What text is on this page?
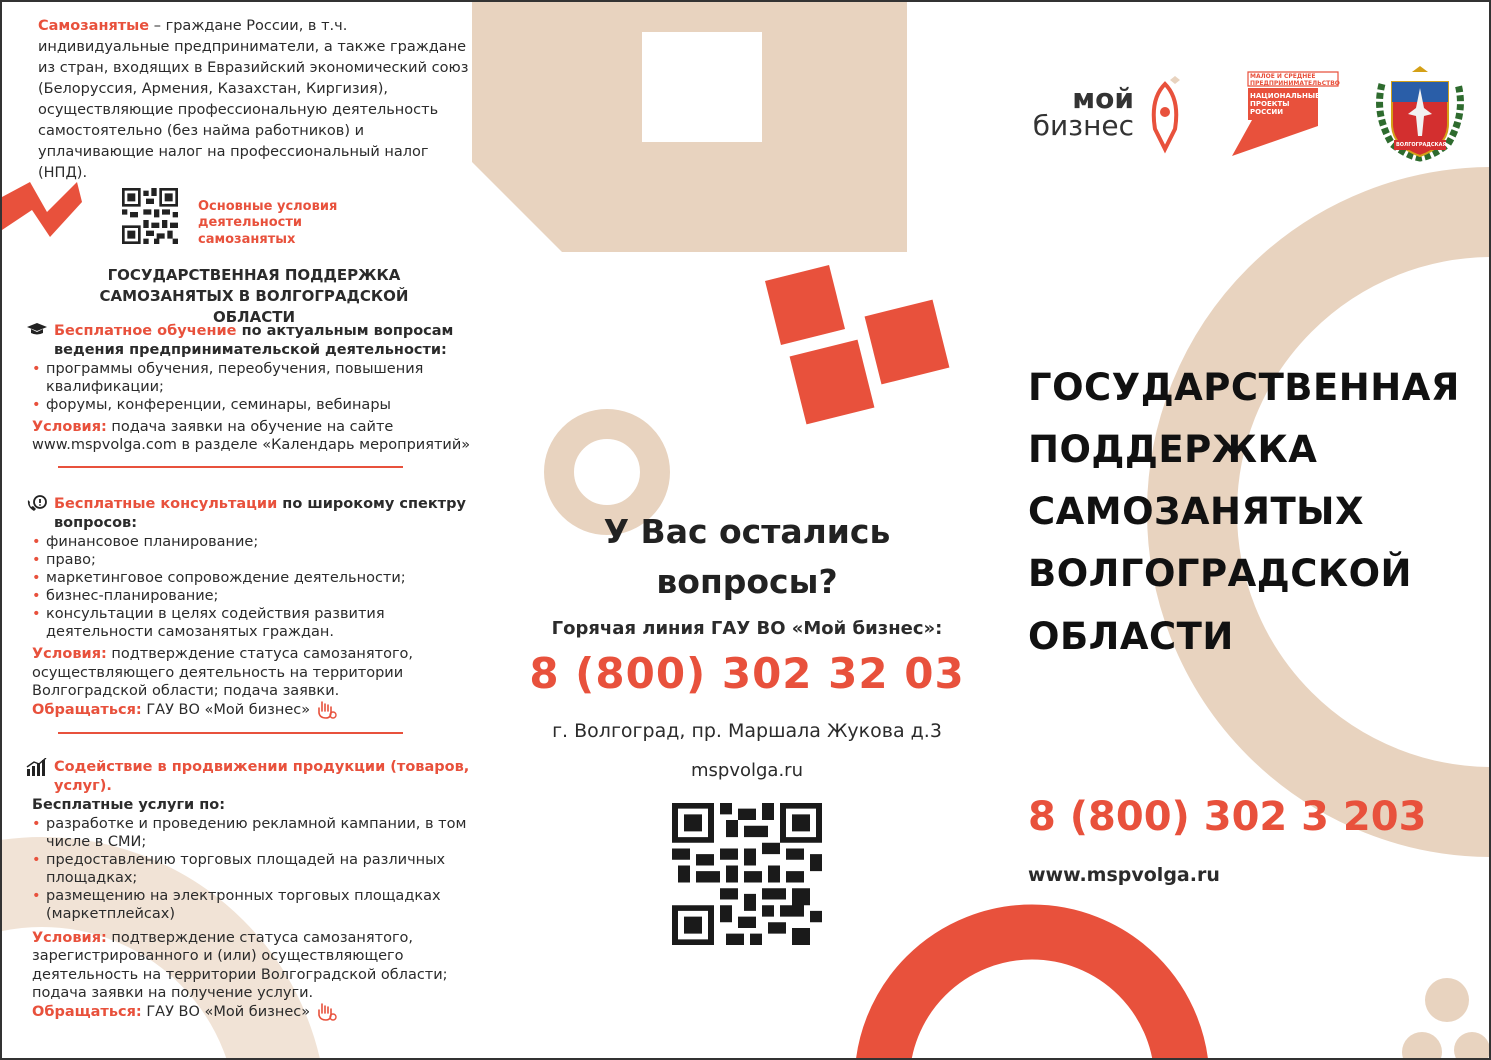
Самозанятые – граждане России, в т.ч. индивидуальные предприниматели, а также граждане из стран, входящих в Евразийский экономический союз (Белоруссия, Армения, Казахстан, Киргизия), осуществляющие профессиональную деятельность самостоятельно (без найма работников) и уплачивающие налог на профессиональный налог (НПД).

Основные условия деятельности самозанятых
ГОСУДАРСТВЕННАЯ ПОДДЕРЖКА САМОЗАНЯТЫХ В ВОЛГОГРАДСКОЙ ОБЛАСТИ
Бесплатное обучение по актуальным вопросам ведения предпринимательской деятельности:
• программы обучения, переобучения, повышения квалификации;
• форумы, конференции, семинары, вебинары
Условия: подача заявки на обучение на сайте www.mspvolga.com в разделе «Календарь мероприятий»
Бесплатные консультации по широкому спектру вопросов:
• финансовое планирование;
• право;
• маркетинговое сопровождение деятельности;
• бизнес-планирование;
• консультации в целях содействия развития деятельности самозанятых граждан.
Условия: подтверждение статуса самозанятого, осуществляющего деятельность на территории Волгоградской области; подача заявки.
Обращаться: ГАУ ВО «Мой бизнес»
Содействие в продвижении продукции (товаров, услуг).
Бесплатные услуги по:
• разработке и проведению рекламной кампании, в том числе в СМИ;
• предоставлению торговых площадей на различных площадках;
• размещению на электронных торговых площадках (маркетплейсах)
Условия: подтверждение статуса самозанятого, зарегистрированного и (или) осуществляющего деятельность на территории Волгоградской области; подача заявки на получение услуги.
Обращаться: ГАУ ВО «Мой бизнес»
У Вас остались
вопросы?
Горячая линия ГАУ ВО «Мой бизнес»:
8 (800) 302 32 03
г. Волгоград, пр. Маршала Жукова д.3
mspvolga.ru
ГОСУДАРСТВЕННАЯ
ПОДДЕРЖКА
САМОЗАНЯТЫХ
ВОЛГОГРАДСКОЙ
ОБЛАСТИ
8 (800) 302 3 203
www.mspvolga.ru
мой
бизнес
МАЛОЕ И СРЕДНЕЕ ПРЕДПРИНИМАТЕЛЬСТВО
НАЦИОНАЛЬНЫЕ ПРОЕКТЫ РОССИИ
ВОЛГОГРАДСКАЯ
